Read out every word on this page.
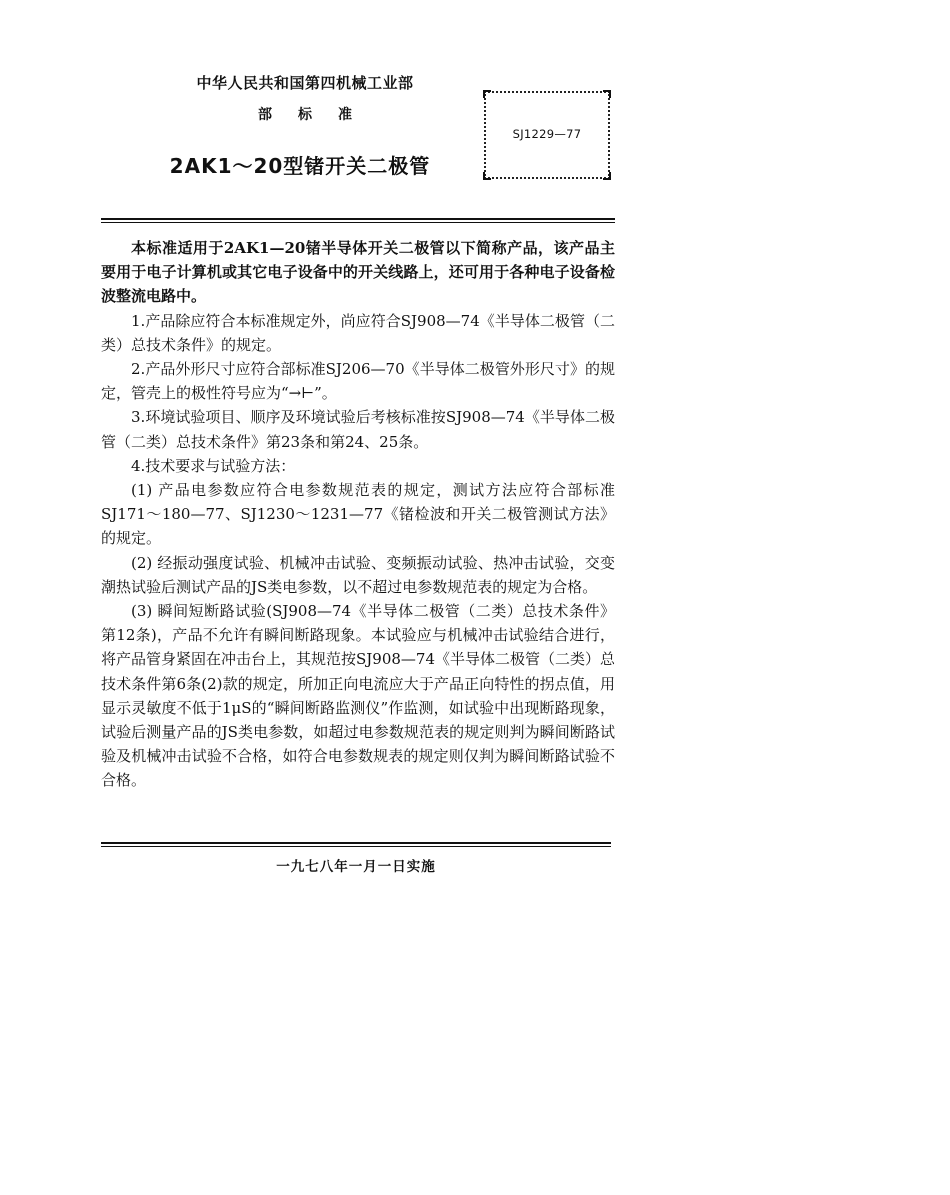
中华人民共和国第四机械工业部
部标准
2AK1～20型锗开关二极管
SJ1229—77

本标准适用于2AK1—20锗半导体开关二极管以下简称产品，该产品主要用于电子计算机或其它电子设备中的开关线路上，还可用于各种电子设备检波整流电路中。

1.产品除应符合本标准规定外，尚应符合SJ908—74《半导体二极管（二类）总技术条件》的规定。

2.产品外形尺寸应符合部标准SJ206—70《半导体二极管外形尺寸》的规定，管壳上的极性符号应为“→⊢”。

3.环境试验项目、顺序及环境试验后考核标准按SJ908—74《半导体二极管（二类）总技术条件》第23条和第24、25条。

4.技术要求与试验方法：

(1) 产品电参数应符合电参数规范表的规定，测试方法应符合部标准SJ171～180—77、SJ1230～1231—77《锗检波和开关二极管测试方法》的规定。

(2) 经振动强度试验、机械冲击试验、变频振动试验、热冲击试验，交变潮热试验后测试产品的JS类电参数，以不超过电参数规范表的规定为合格。

(3) 瞬间短断路试验(SJ908—74《半导体二极管（二类）总技术条件》第12条)，产品不允许有瞬间断路现象。本试验应与机械冲击试验结合进行，将产品管身紧固在冲击台上，其规范按SJ908—74《半导体二极管（二类）总技术条件第6条(2)款的规定，所加正向电流应大于产品正向特性的拐点值，用显示灵敏度不低于1μS的“瞬间断路监测仪”作监测，如试验中出现断路现象，试验后测量产品的JS类电参数，如超过电参数规范表的规定则判为瞬间断路试验及机械冲击试验不合格，如符合电参数规表的规定则仅判为瞬间断路试验不合格。

一九七八年一月一日实施
